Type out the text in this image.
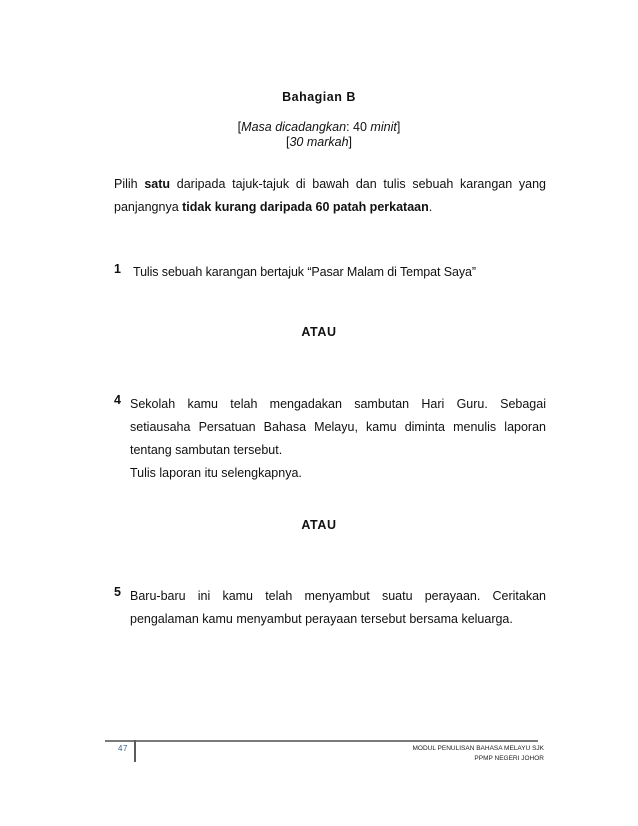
Bahagian B
[Masa dicadangkan: 40 minit]
[30 markah]
Pilih satu daripada tajuk-tajuk di bawah dan tulis sebuah karangan yang
panjangnya tidak kurang daripada 60 patah perkataan.
1 Tulis sebuah karangan bertajuk “Pasar Malam di Tempat Saya”
ATAU
4 Sekolah kamu telah mengadakan sambutan Hari Guru. Sebagai
setiausaha Persatuan Bahasa Melayu, kamu diminta menulis laporan
tentang sambutan tersebut.
Tulis laporan itu selengkapnya.
ATAU
5 Baru-baru ini kamu telah menyambut suatu perayaan. Ceritakan
pengalaman kamu menyambut perayaan tersebut bersama keluarga.
47	MODUL PENULISAN BAHASA MELAYU SJK
PPMP NEGERI JOHOR
